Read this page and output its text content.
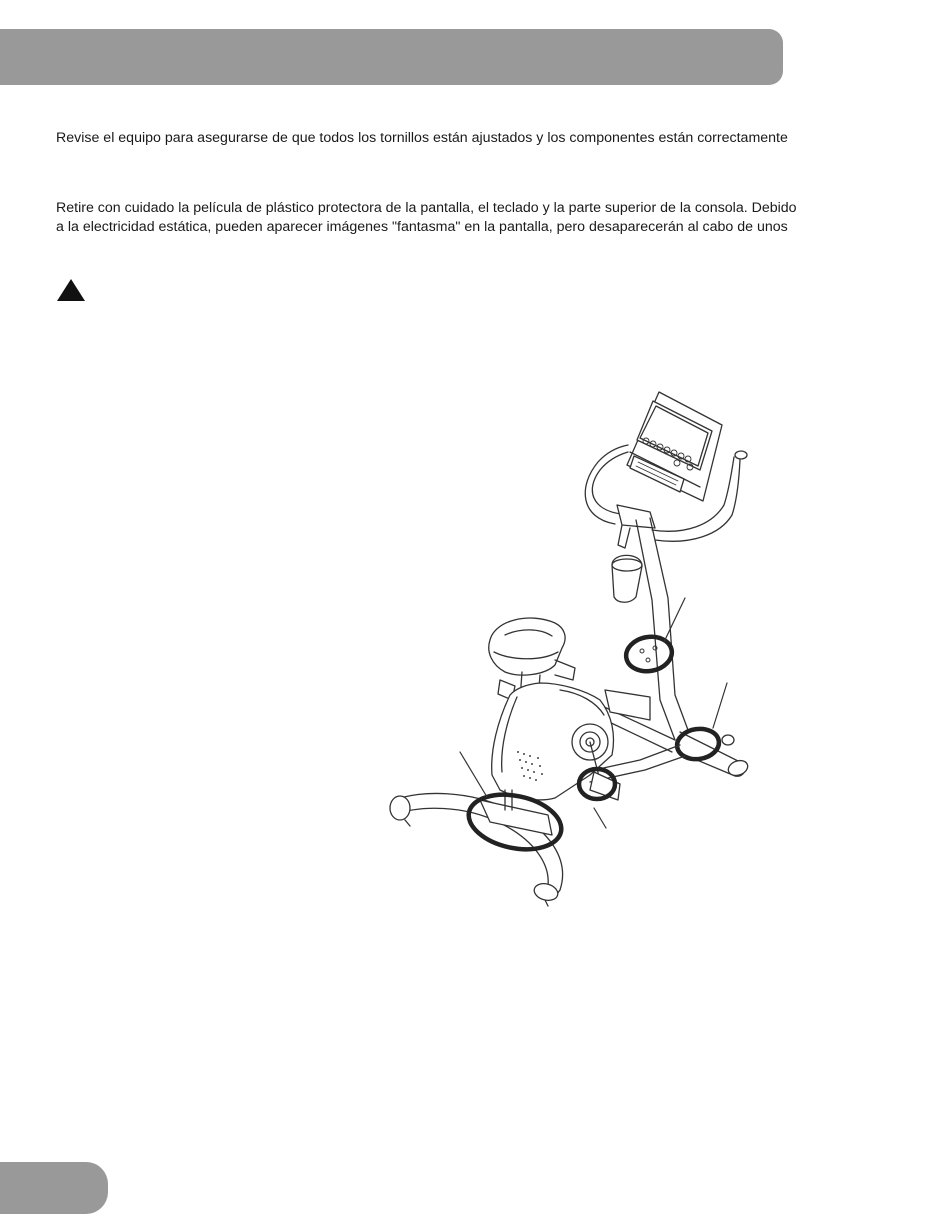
Revise el equipo para asegurarse de que todos los tornillos están ajustados y los componentes están correctamente

Retire con cuidado la película de plástico protectora de la pantalla, el teclado y la parte superior de la consola. Debido
a la electricidad estática, pueden aparecer imágenes "fantasma" en la pantalla, pero desaparecerán al cabo de unos
